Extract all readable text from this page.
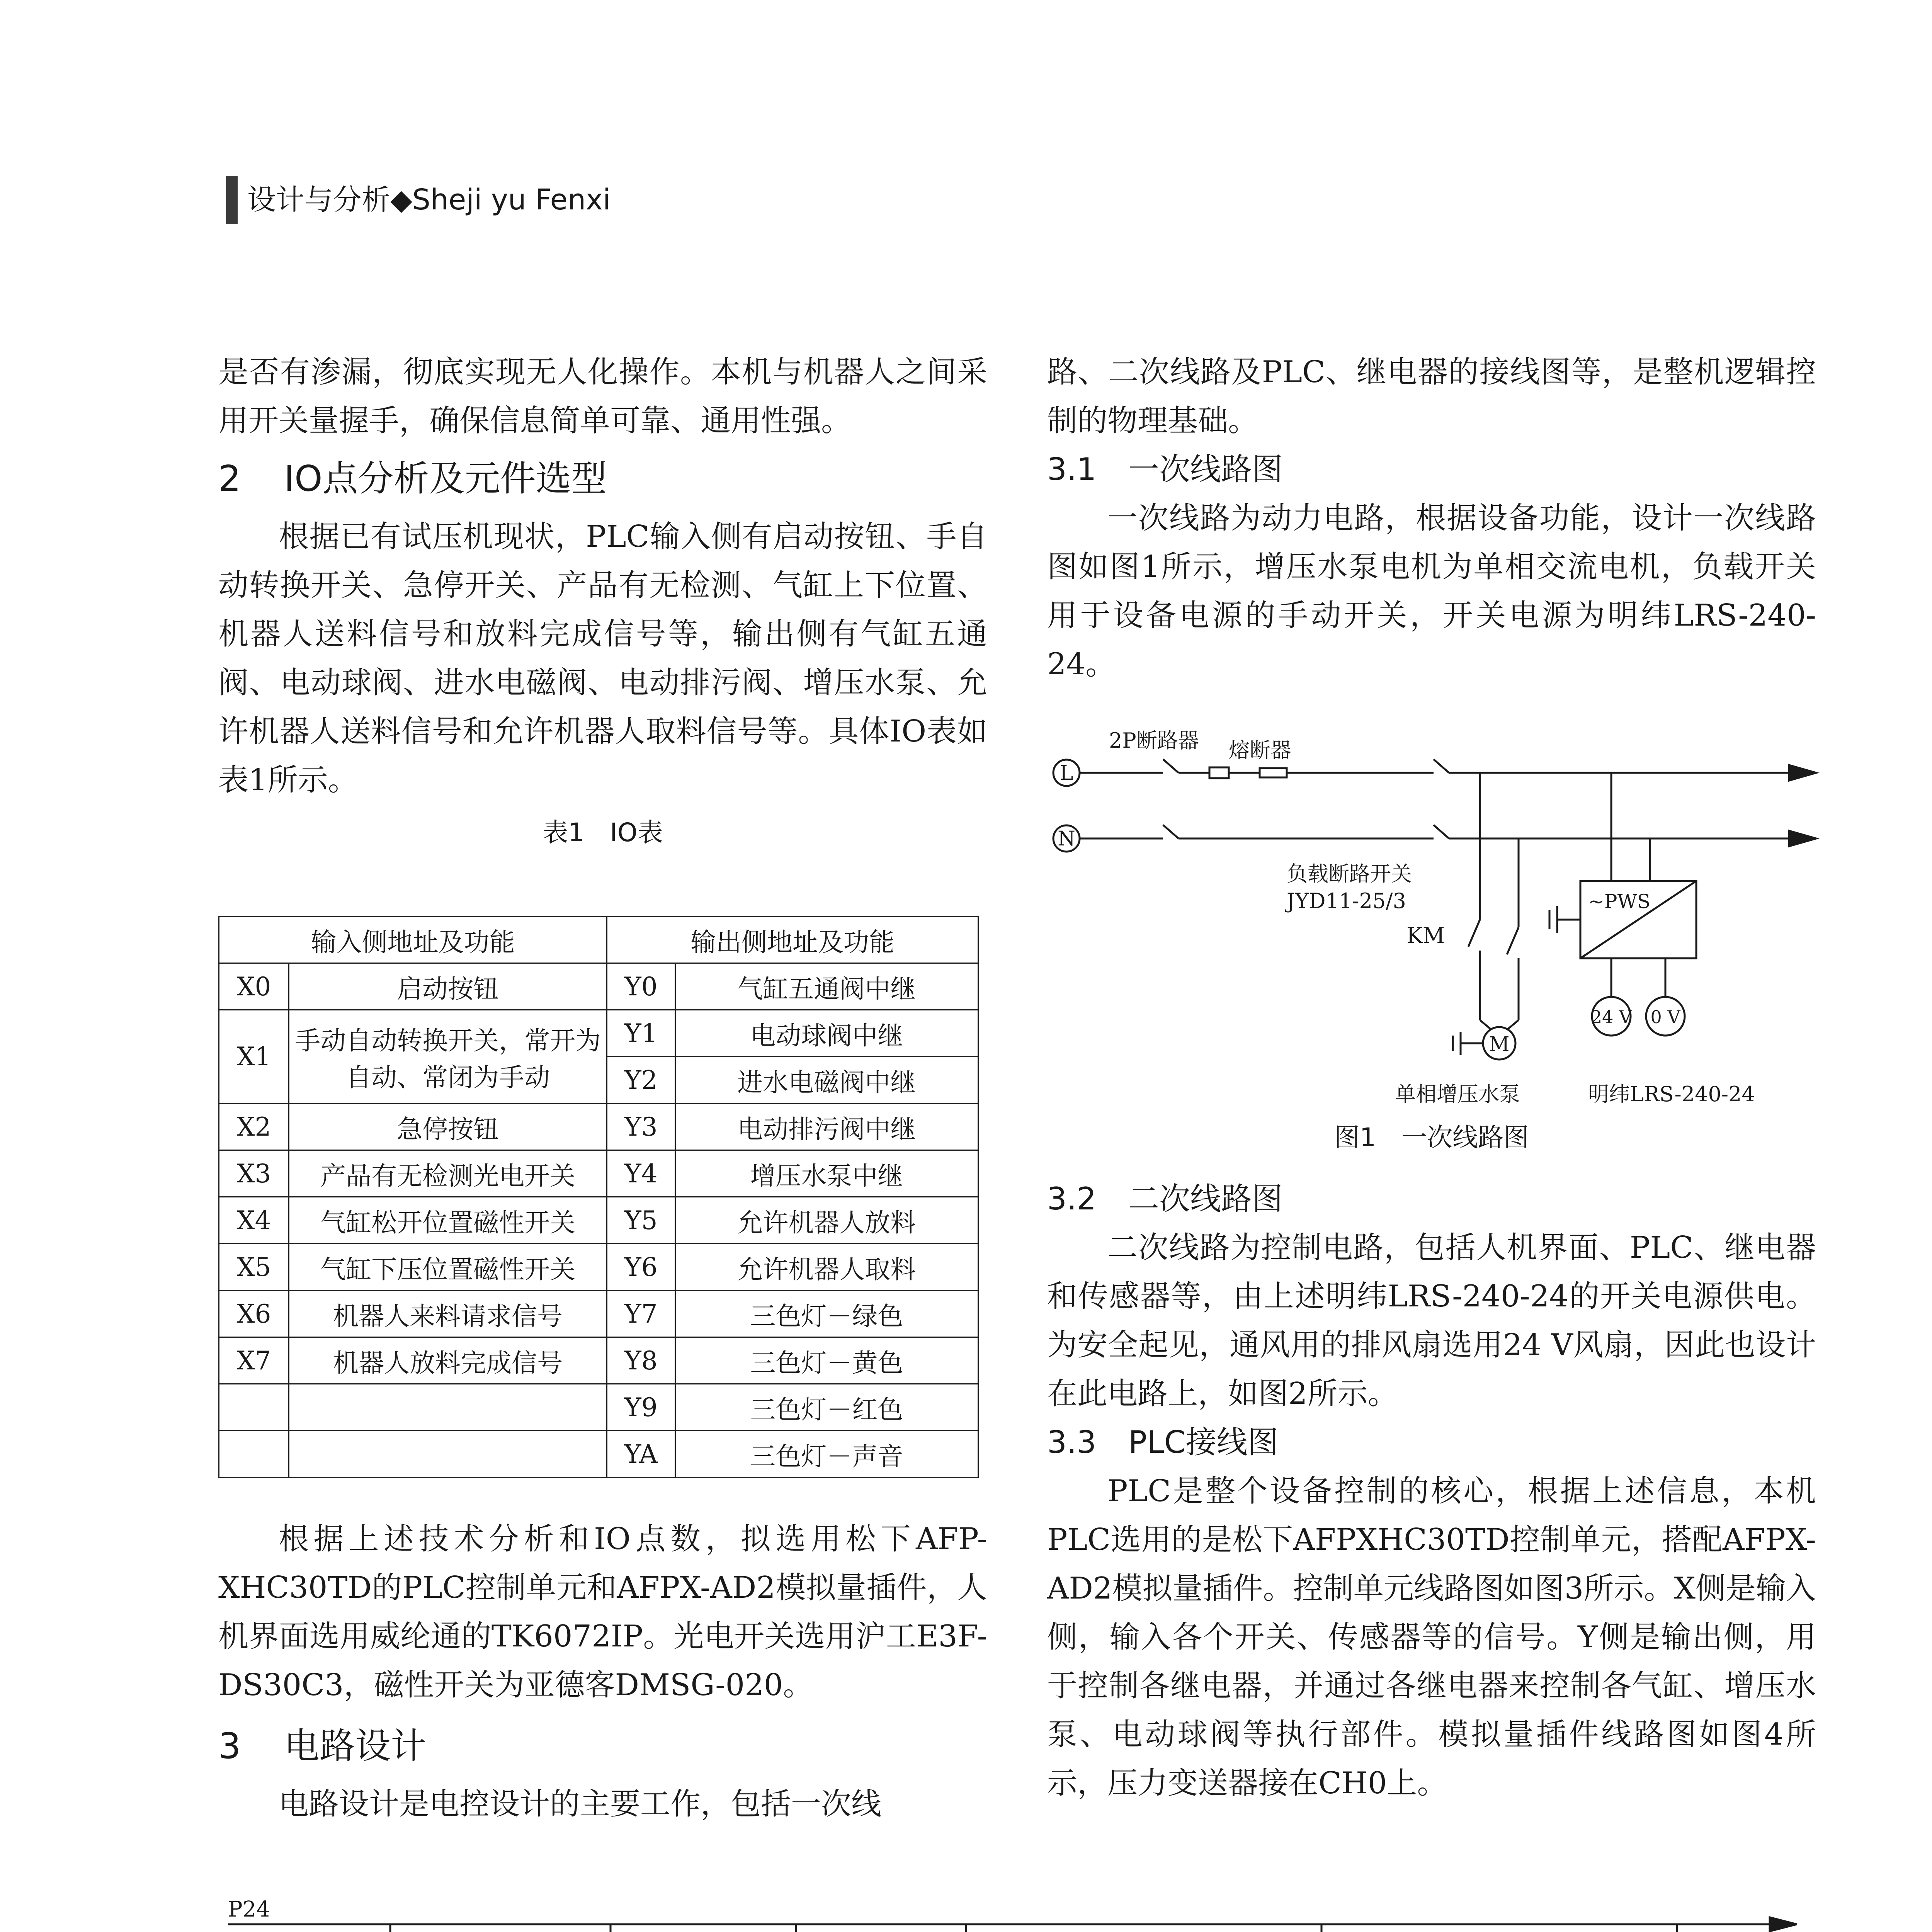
设计与分析◆Sheji yu Fenxi

是否有渗漏，彻底实现无人化操作。本机与机器人之间采用开关量握手，确保信息简单可靠、通用性强。

2 IO点分析及元件选型

根据已有试压机现状，PLC输入侧有启动按钮、手自动转换开关、急停开关、产品有无检测、气缸上下位置、机器人送料信号和放料完成信号等，输出侧有气缸五通阀、电动球阀、进水电磁阀、电动排污阀、增压水泵、允许机器人送料信号和允许机器人取料信号等。具体IO表如表1所示。

表1　IO表
输入侧地址及功能		输出侧地址及功能	
X0	启动按钮	Y0	气缸五通阀中继
X1	手动自动转换开关，常开为自动、常闭为手动	Y1	电动球阀中继
		Y2	进水电磁阀中继
X2	急停按钮	Y3	电动排污阀中继
X3	产品有无检测光电开关	Y4	增压水泵中继
X4	气缸松开位置磁性开关	Y5	允许机器人放料
X5	气缸下压位置磁性开关	Y6	允许机器人取料
X6	机器人来料请求信号	Y7	三色灯－绿色
X7	机器人放料完成信号	Y8	三色灯－黄色
		Y9	三色灯－红色
		YA	三色灯－声音

根据上述技术分析和IO点数，拟选用松下AFP-XHC30TD的PLC控制单元和AFPX-AD2模拟量插件，人机界面选用威纶通的TK6072IP。光电开关选用沪工E3F-DS30C3，磁性开关为亚德客DMSG-020。

3 电路设计

电路设计是电控设计的主要工作，包括一次线

路、二次线路及PLC、继电器的接线图等，是整机逻辑控制的物理基础。

3.1 一次线路图

一次线路为动力电路，根据设备功能，设计一次线路图如图1所示，增压水泵电机为单相交流电机，负载开关用于设备电源的手动开关，开关电源为明纬LRS-240-24。

L
N
2P断路器 熔断器
负载断路开关
JYD11-25/3
KM
M
单相增压水泵
~PWS
24 V 0 V
明纬LRS-240-24
图1　一次线路图
3.2 二次线路图

二次线路为控制电路，包括人机界面、PLC、继电器和传感器等，由上述明纬LRS-240-24的开关电源供电。为安全起见，通风用的排风扇选用24 V风扇，因此也设计在此电路上，如图2所示。

3.3 PLC接线图

PLC是整个设备控制的核心，根据上述信息，本机PLC选用的是松下AFPXHC30TD控制单元，搭配AFPX-AD2模拟量插件。控制单元线路图如图3所示。X侧是输入侧，输入各个开关、传感器等的信号。Y侧是输出侧，用于控制各继电器，并通过各继电器来控制各气缸、增压水泵、电动球阀等执行部件。模拟量插件线路图如图4所示，压力变送器接在CH0上。

P24
